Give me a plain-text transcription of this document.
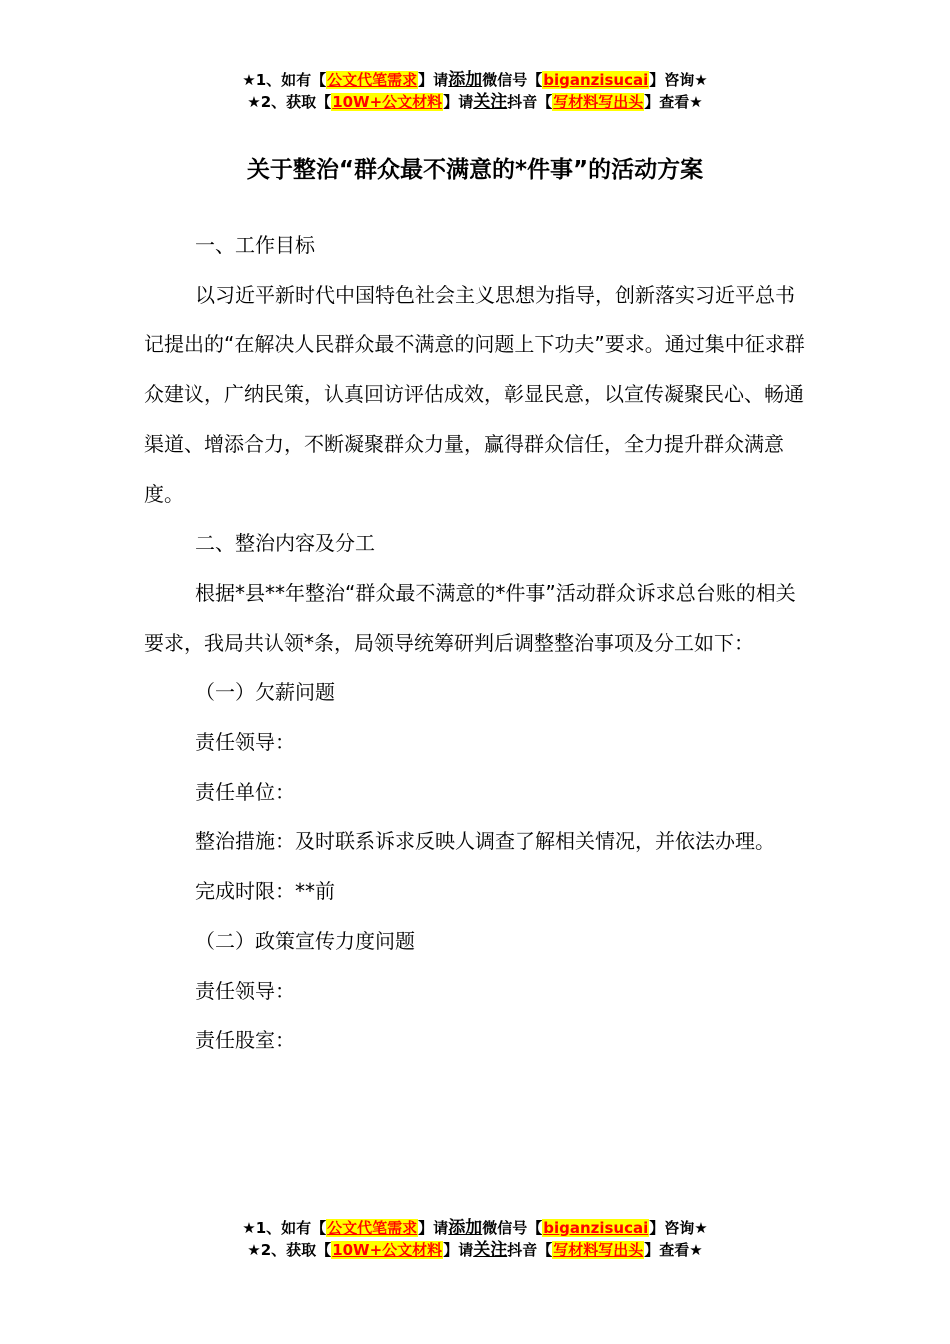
★1、如有【公文代笔需求】请添加微信号【biganzisucai】咨询★
★2、获取【10W+公文材料】请关注抖音【写材料写出头】查看★
关于整治“群众最不满意的*件事”的活动方案

一、工作目标

以习近平新时代中国特色社会主义思想为指导，创新落实习近平总书记提出的“在解决人民群众最不满意的问题上下功夫”要求。通过集中征求群众建议，广纳民策，认真回访评估成效，彰显民意，以宣传凝聚民心、畅通渠道、增添合力，不断凝聚群众力量，赢得群众信任，全力提升群众满意度。

二、整治内容及分工

根据*县**年整治“群众最不满意的*件事”活动群众诉求总台账的相关要求，我局共认领*条，局领导统筹研判后调整整治事项及分工如下：

（一）欠薪问题

责任领导：

责任单位：

整治措施：及时联系诉求反映人调查了解相关情况，并依法办理。

完成时限：**前

（二）政策宣传力度问题

责任领导：

责任股室：

★1、如有【公文代笔需求】请添加微信号【biganzisucai】咨询★
★2、获取【10W+公文材料】请关注抖音【写材料写出头】查看★
